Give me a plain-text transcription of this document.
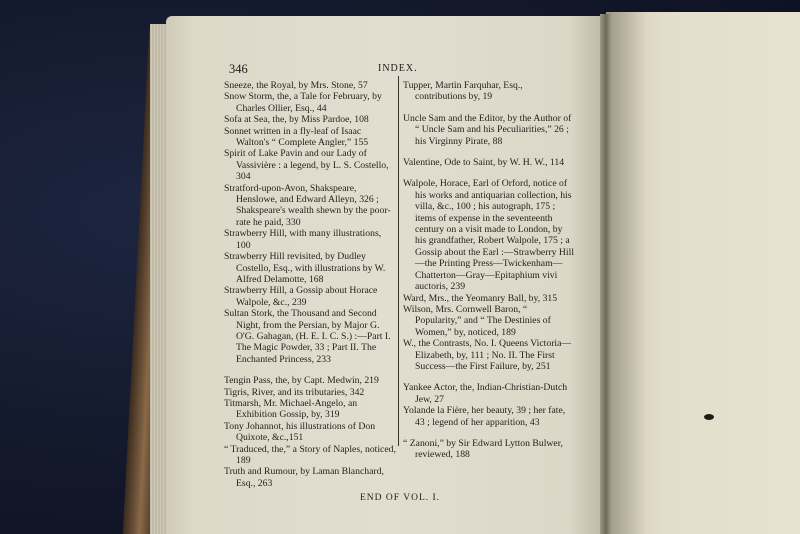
346	INDEX.

Sneeze, the Royal, by Mrs. Stone, 57

Snow Storm, the, a Tale for February, by Charles Ollier, Esq., 44

Sofa at Sea, the, by Miss Pardoe, 108

Sonnet written in a fly-leaf of Isaac Walton's “ Complete Angler,” 155

Spirit of Lake Pavin and our Lady of Vassivière : a legend, by L. S. Costello, 304

Stratford-upon-Avon, Shakspeare, Henslowe, and Edward Alleyn, 326 ; Shakspeare's wealth shewn by the poor-rate he paid, 330

Strawberry Hill, with many illustrations, 100

Strawberry Hill revisited, by Dudley Costello, Esq., with illustrations by W. Alfred Delamotte, 168

Strawberry Hill, a Gossip about Horace Walpole, &c., 239

Sultan Stork, the Thousand and Second Night, from the Persian, by Major G. O'G. Gahagan, (H. E. I. C. S.) :—Part I. The Magic Powder, 33 ; Part II. The Enchanted Princess, 233

Tengin Pass, the, by Capt. Medwin, 219

Tigris, River, and its tributaries, 342

Titmarsh, Mr. Michael-Angelo, an Exhibition Gossip, by, 319

Tony Johannot, his illustrations of Don Quixote, &c.,151

“ Traduced, the,” a Story of Naples, noticed, 189

Truth and Rumour, by Laman Blanchard, Esq., 263

Tupper, Martin Farquhar, Esq., contributions by, 19

Uncle Sam and the Editor, by the Author of “ Uncle Sam and his Peculiarities,” 26 ; his Virginny Pirate, 88

Valentine, Ode to Saint, by W. H. W., 114

Walpole, Horace, Earl of Orford, notice of his works and antiquarian collection, his villa, &c., 100 ; his autograph, 175 ; items of expense in the seventeenth century on a visit made to London, by his grandfather, Robert Walpole, 175 ; a Gossip about the Earl :—Strawberry Hill—the Printing Press—Twickenham—Chatterton—Gray—Epitaphium vivi auctoris, 239

Ward, Mrs., the Yeomanry Ball, by, 315

Wilson, Mrs. Cornwell Baron, “ Popularity,” and “ The Destinies of Women,” by, noticed, 189

W., the Contrasts, No. I. Queens Victoria—Elizabeth, by, 111 ; No. II. The First Success—the First Failure, by, 251

Yankee Actor, the, Indian-Christian-Dutch Jew, 27

Yolande la Fière, her beauty, 39 ; her fate, 43 ; legend of her apparition, 43

“ Zanoni,” by Sir Edward Lytton Bulwer, reviewed, 188

END OF VOL. I.
